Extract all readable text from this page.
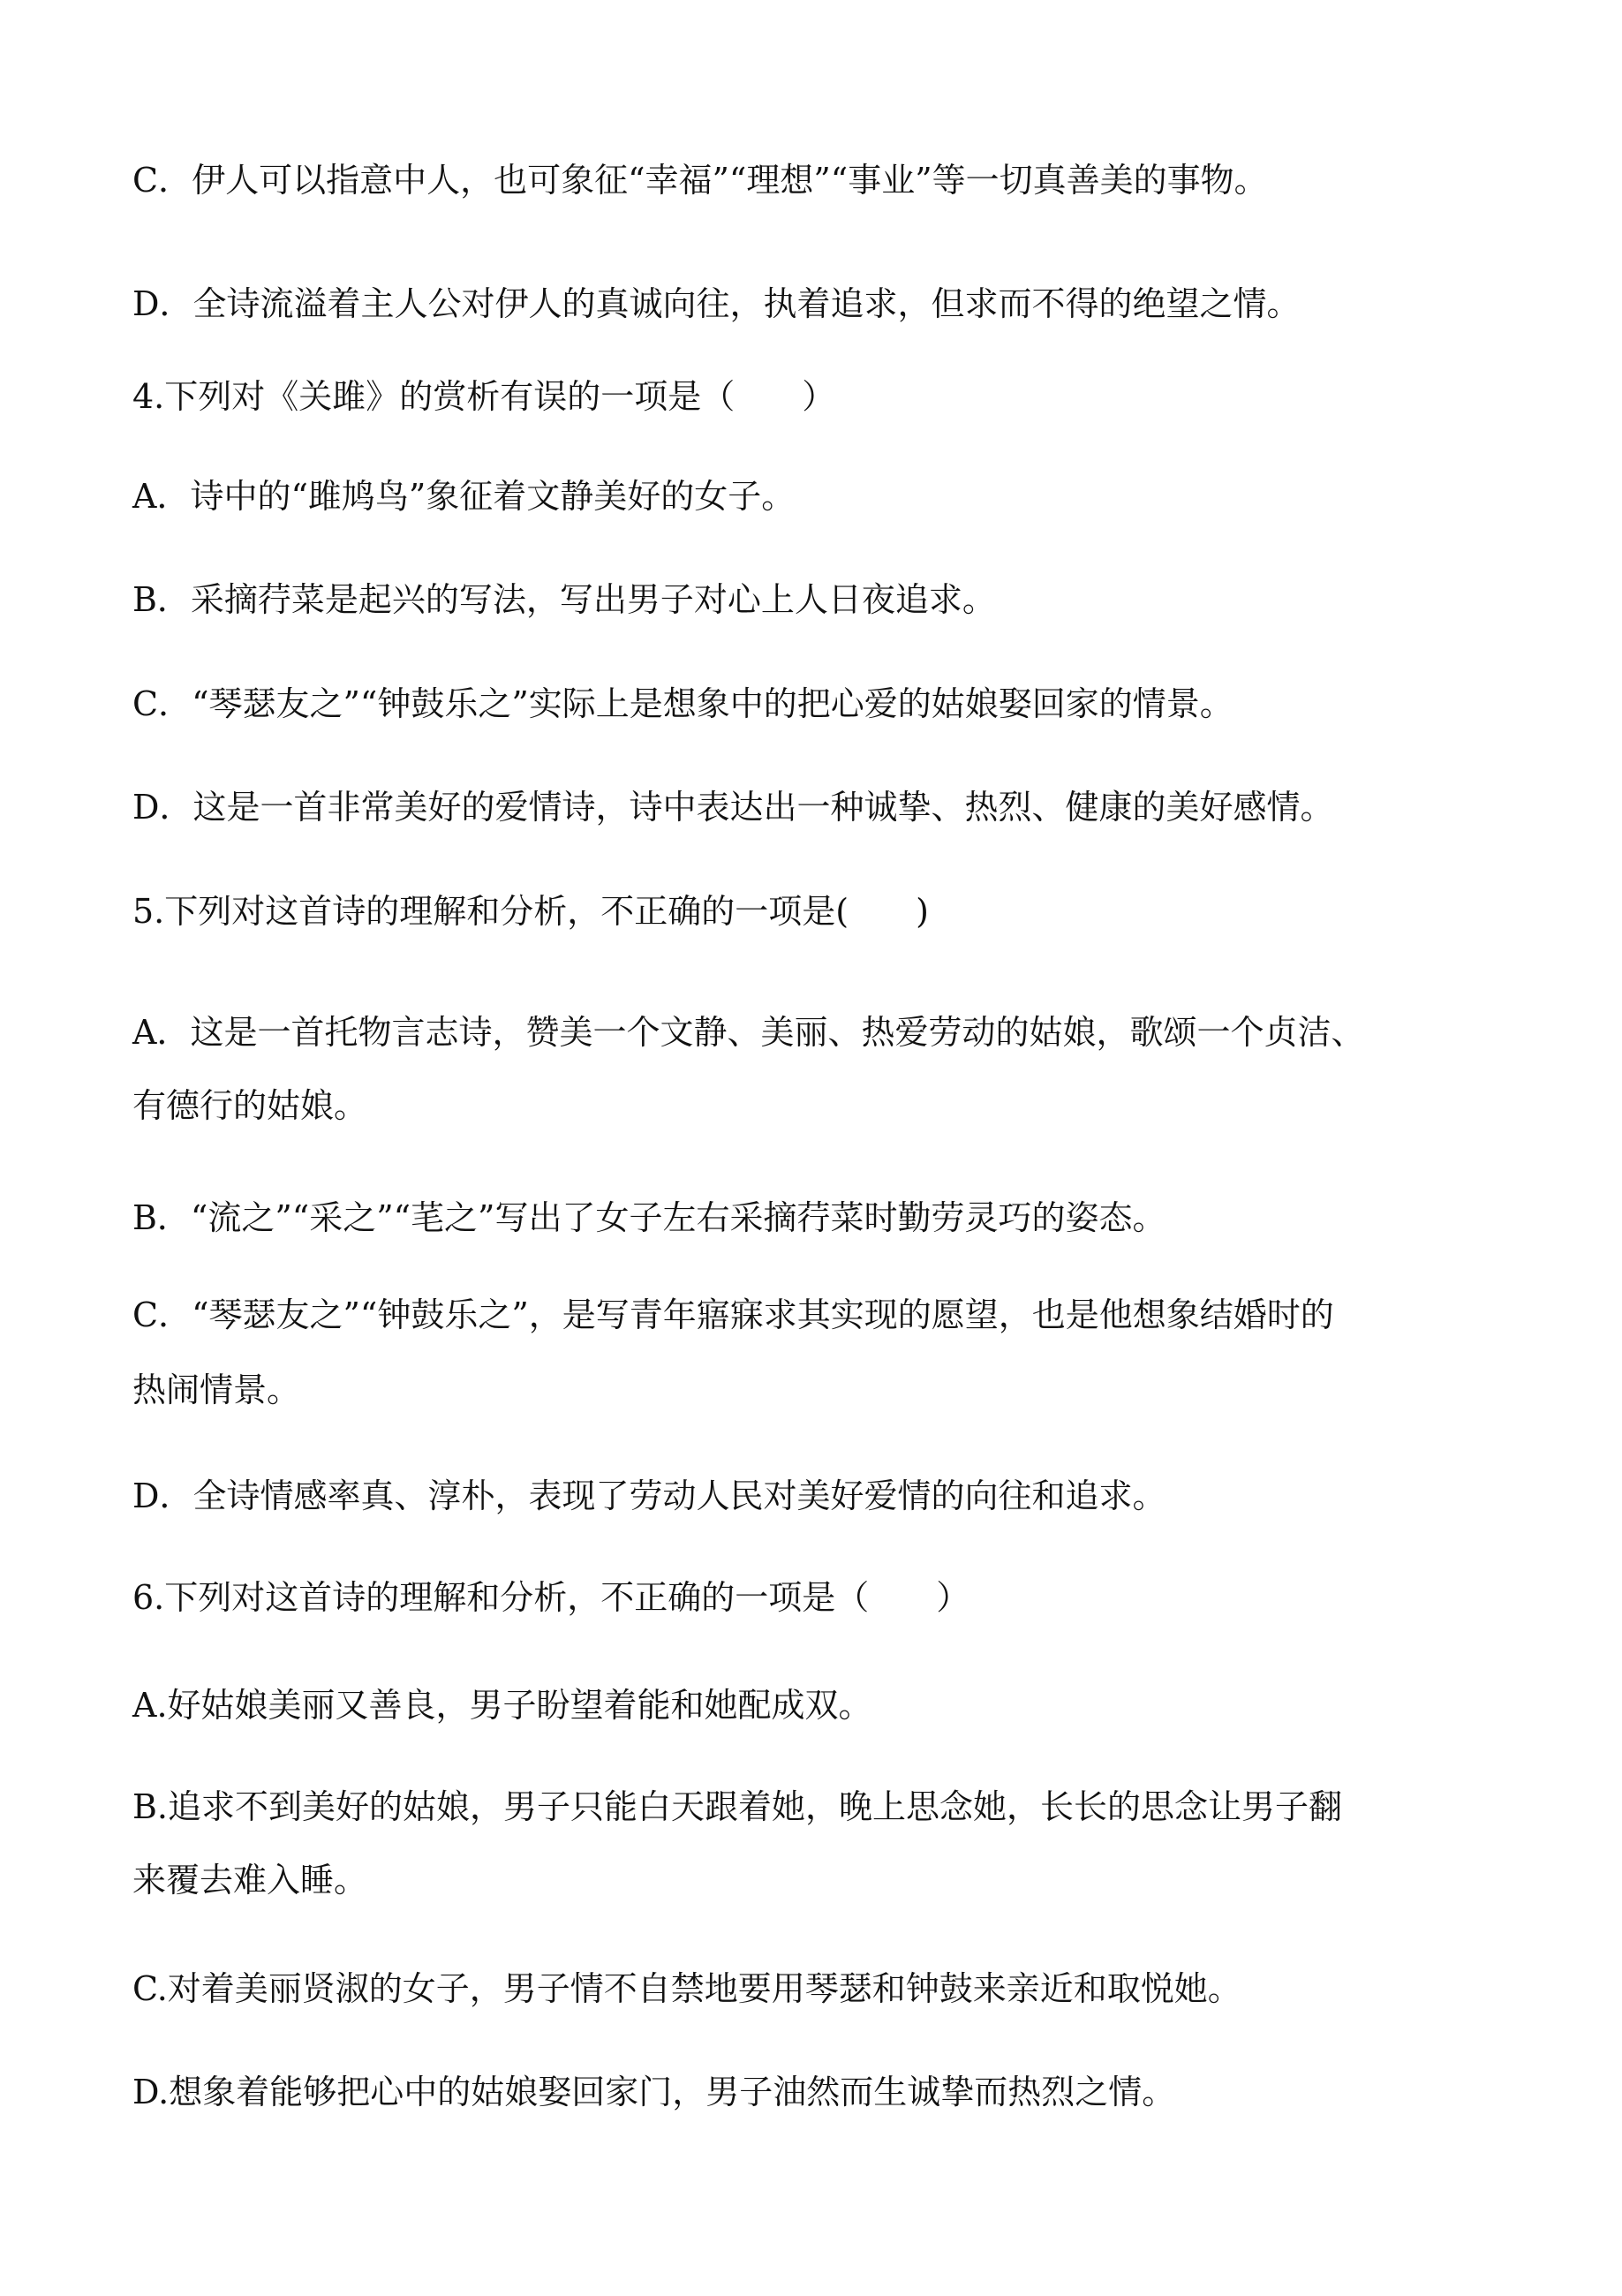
C．伊人可以指意中人，也可象征“幸福”“理想”“事业”等一切真善美的事物。
D．全诗流溢着主人公对伊人的真诚向往，执着追求，但求而不得的绝望之情。
4.下列对《关雎》的赏析有误的一项是（　　）
A．诗中的“雎鸠鸟”象征着文静美好的女子。
B．采摘荇菜是起兴的写法，写出男子对心上人日夜追求。
C．“琴瑟友之”“钟鼓乐之”实际上是想象中的把心爱的姑娘娶回家的情景。
D．这是一首非常美好的爱情诗，诗中表达出一种诚挚、热烈、健康的美好感情。
5.下列对这首诗的理解和分析，不正确的一项是(　　)
A．这是一首托物言志诗，赞美一个文静、美丽、热爱劳动的姑娘，歌颂一个贞洁、
有德行的姑娘。
B．“流之”“采之”“芼之”写出了女子左右采摘荇菜时勤劳灵巧的姿态。
C．“琴瑟友之”“钟鼓乐之”，是写青年寤寐求其实现的愿望，也是他想象结婚时的
热闹情景。
D．全诗情感率真、淳朴，表现了劳动人民对美好爱情的向往和追求。
6.下列对这首诗的理解和分析，不正确的一项是（　　）
A.好姑娘美丽又善良，男子盼望着能和她配成双。
B.追求不到美好的姑娘，男子只能白天跟着她，晚上思念她，长长的思念让男子翻
来覆去难入睡。
C.对着美丽贤淑的女子，男子情不自禁地要用琴瑟和钟鼓来亲近和取悦她。
D.想象着能够把心中的姑娘娶回家门，男子油然而生诚挚而热烈之情。
